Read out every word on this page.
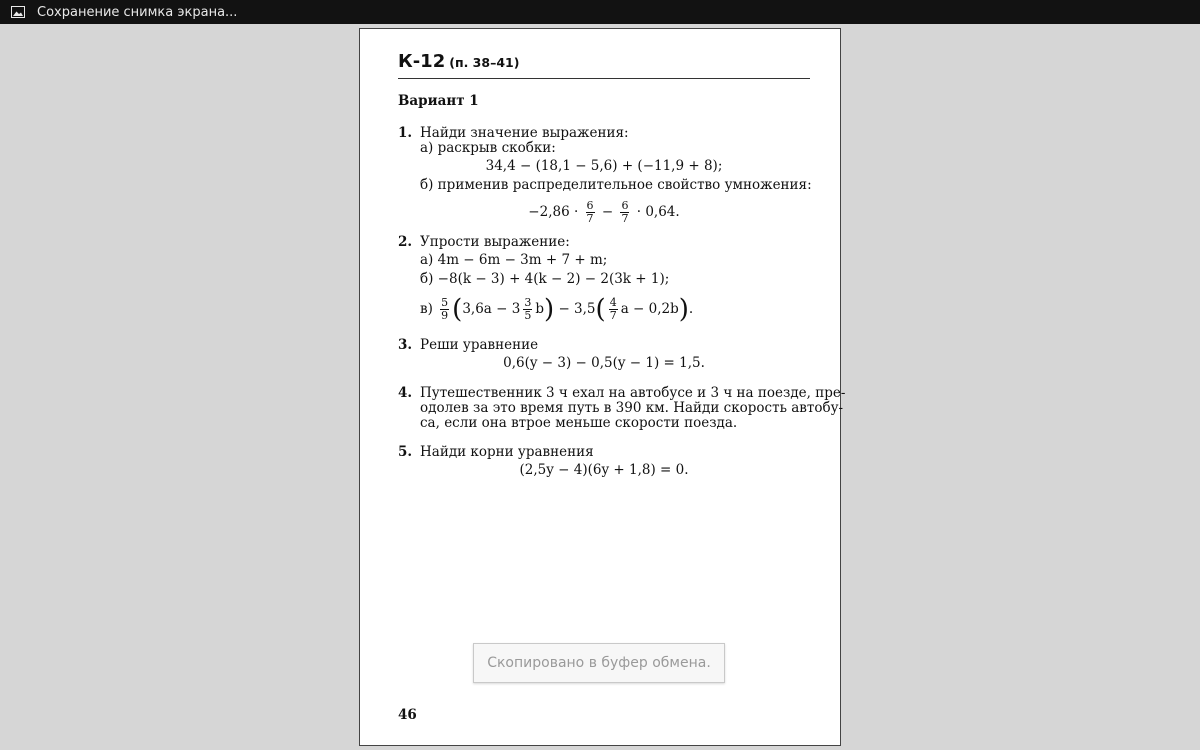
Сохранение снимка экрана...
К-12 (п. 38–41)
Вариант 1
1. Найди значение выражения:
а) раскрыв скобки:
34,4 − (18,1 − 5,6) + (−11,9 + 8);
б) применив распределительное свойство умножения:
$-2,86 \cdot \frac{6}{7} - \frac{6}{7} \cdot 0,64$.
2. Упрости выражение:
а) 4m − 6m − 3m + 7 + m;
б) −8(k − 3) + 4(k − 2) − 2(3k + 1);
$в) \frac{5}{9} (3,6a - 3 \frac{3}{5} b) - 3,5( \frac{4}{7}$ a − 0,2b).
3. Реши уравнение
0,6(y − 3) − 0,5(y − 1) = 1,5.
4. Путешественник 3 ч ехал на автобусе и 3 ч на поезде, пре-
одолев за это время путь в 390 км. Найди скорость автобу-
са, если она втрое меньше скорости поезда.
5. Найди корни уравнения
(2,5y − 4)(6y + 1,8) = 0.
46
Скопировано в буфер обмена.
